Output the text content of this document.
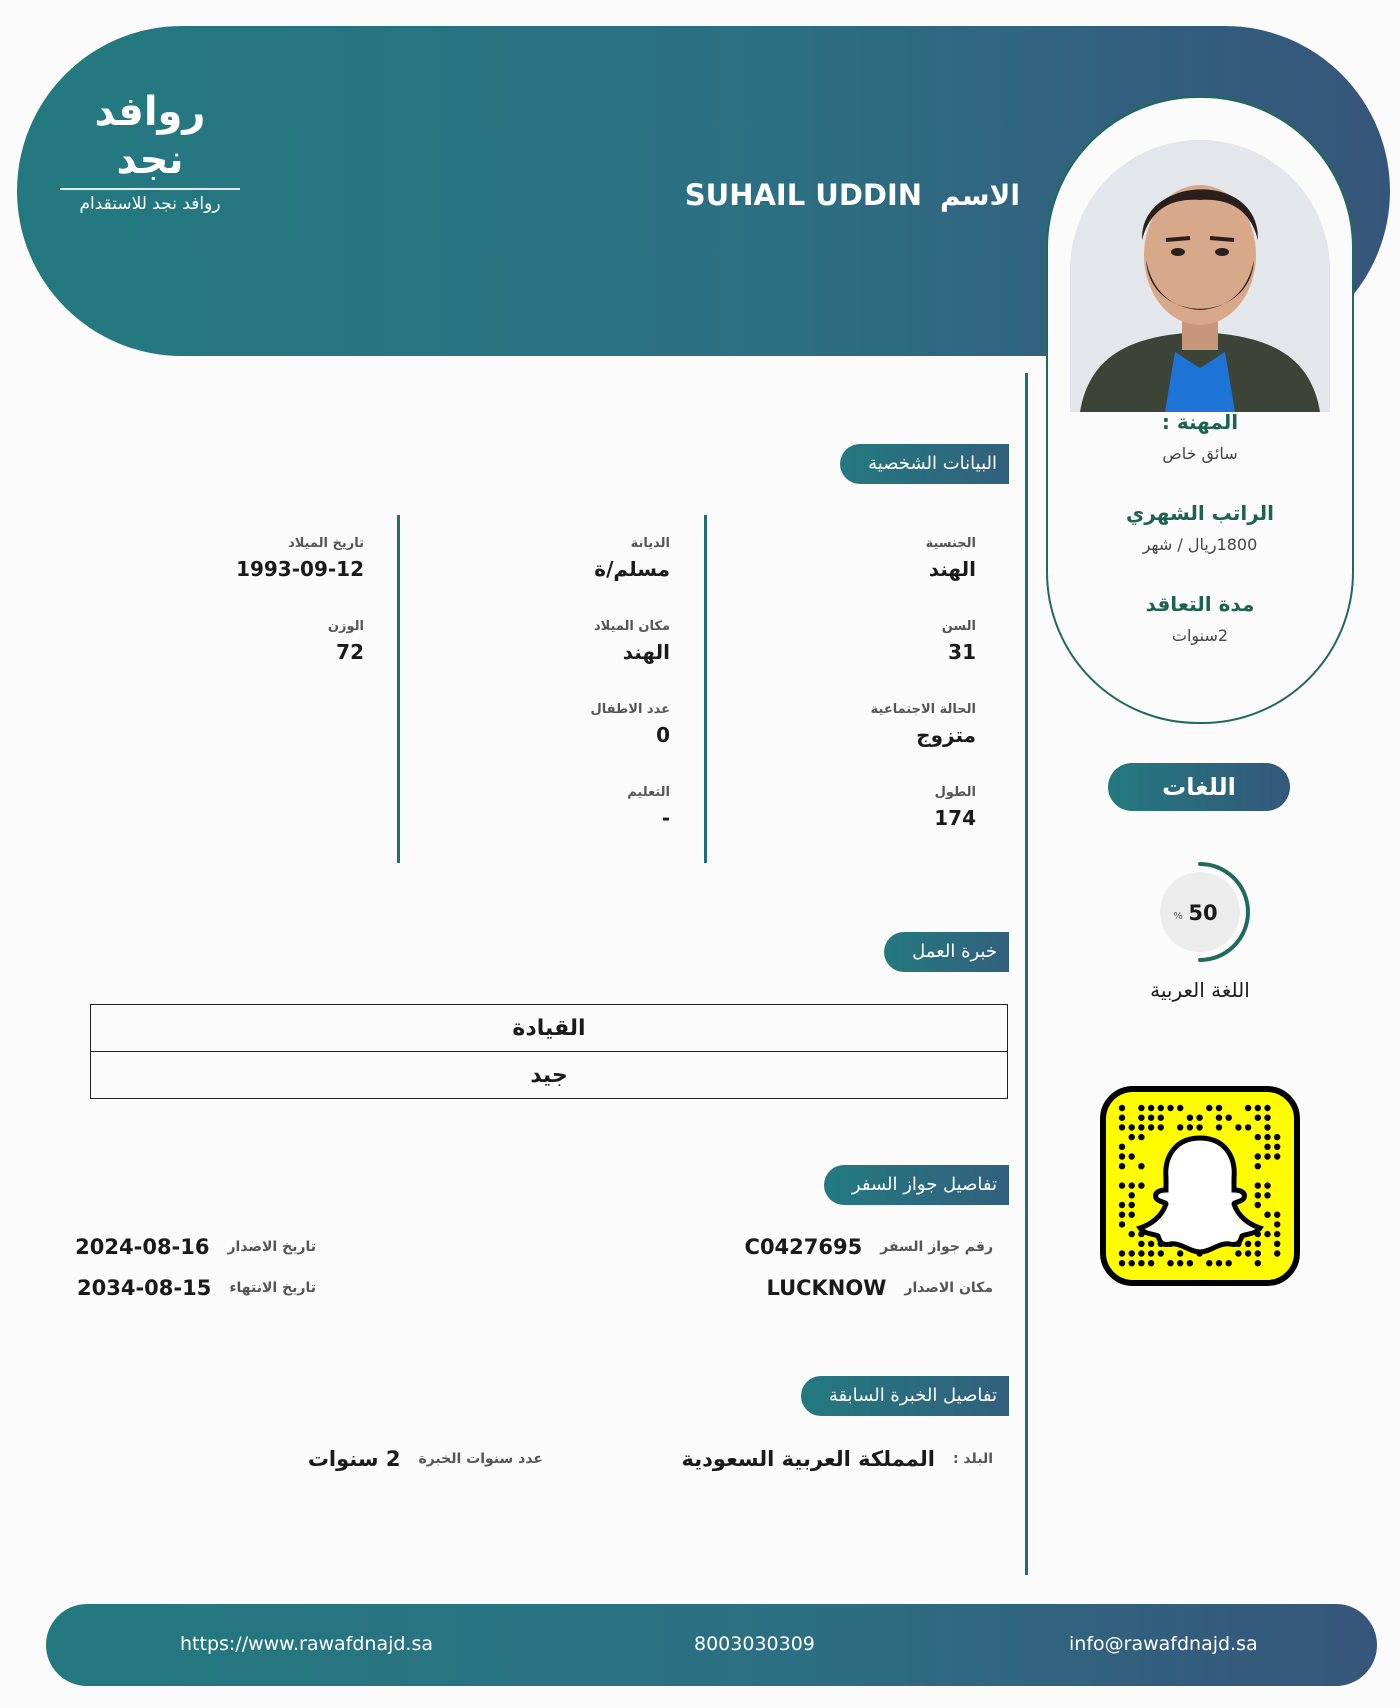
روافد نجد
روافد نجد للاستقدام	الاسم
SUHAIL UDDIN
المهنة :
سائق خاص
الراتب الشهري
1800ريال / شهر
مدة التعاقد
2سنوات
اللغات
50
%
اللغة العربية
البيانات الشخصية
الجنسية
الهند
السن
31
الحالة الاجتماعية
متزوج
الطول
174
الديانة
مسلم/ة
مكان الميلاد
الهند
عدد الاطفال
0
التعليم
-
تاريخ الميلاد
1993-09-12
الوزن
72
خبرة العمل
القيادة
جيد
تفاصيل جواز السفر
رقم جواز السفر
C0427695
مكان الاصدار
LUCKNOW
تاريخ الاصدار
2024-08-16
تاريخ الانتهاء
2034-08-15
تفاصيل الخبرة السابقة
البلد :
المملكة العربية السعودية
عدد سنوات الخبرة
2 سنوات
https://www.rawafdnajd.sa	8003030309	info@rawafdnajd.sa
